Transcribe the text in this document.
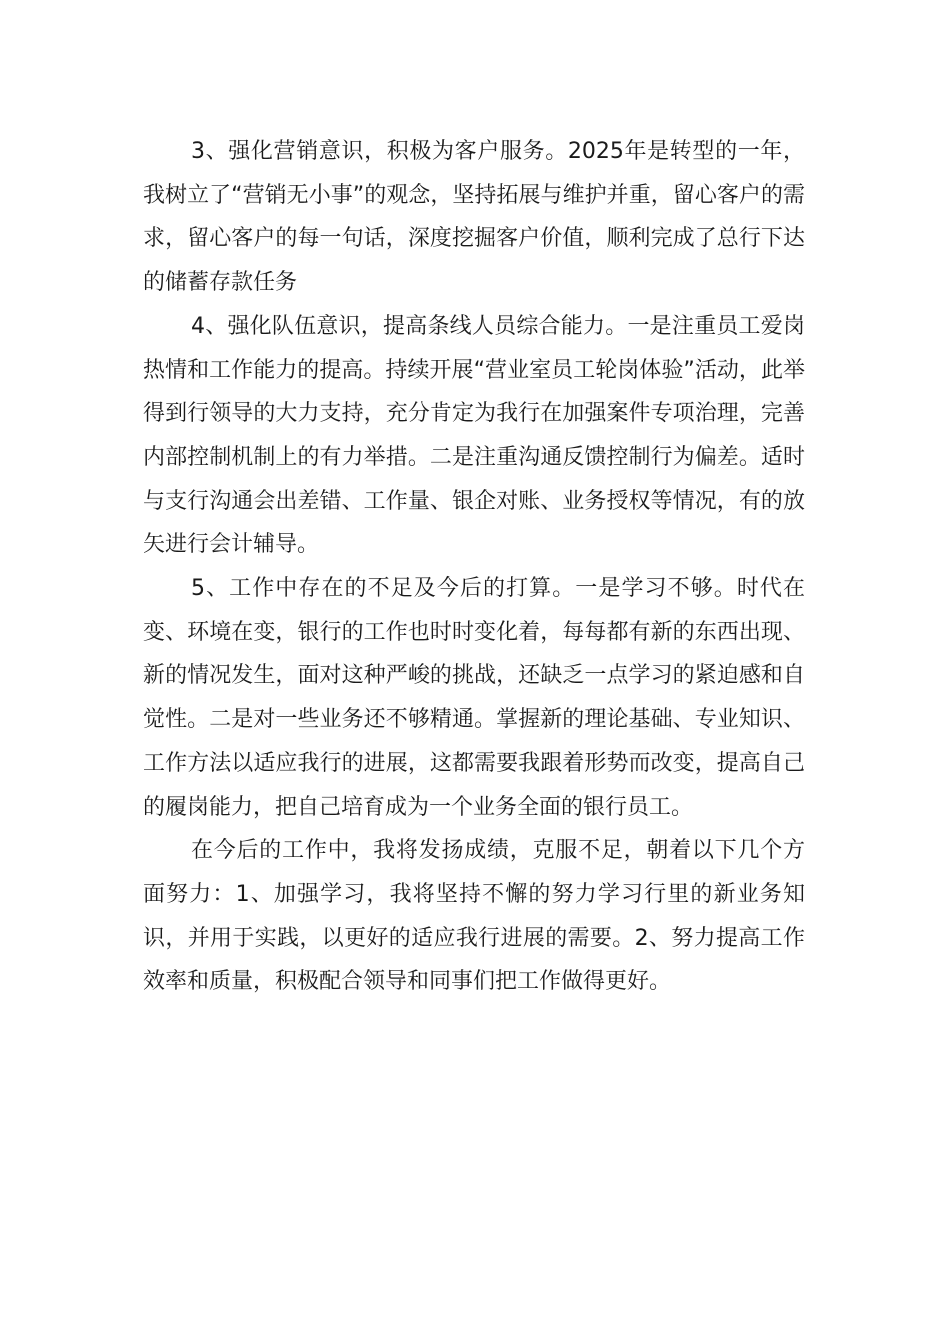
3、强化营销意识，积极为客户服务。2025年是转型的一年，我树立了“营销无小事”的观念，坚持拓展与维护并重，留心客户的需求，留心客户的每一句话，深度挖掘客户价值，顺利完成了总行下达的储蓄存款任务

4、强化队伍意识，提高条线人员综合能力。一是注重员工爱岗热情和工作能力的提高。持续开展“营业室员工轮岗体验”活动，此举得到行领导的大力支持，充分肯定为我行在加强案件专项治理，完善内部控制机制上的有力举措。二是注重沟通反馈控制行为偏差。适时与支行沟通会出差错、工作量、银企对账、业务授权等情况，有的放矢进行会计辅导。

5、工作中存在的不足及今后的打算。一是学习不够。时代在变、环境在变，银行的工作也时时变化着，每每都有新的东西出现、新的情况发生，面对这种严峻的挑战，还缺乏一点学习的紧迫感和自觉性。二是对一些业务还不够精通。掌握新的理论基础、专业知识、工作方法以适应我行的进展，这都需要我跟着形势而改变，提高自己的履岗能力，把自己培育成为一个业务全面的银行员工。

在今后的工作中，我将发扬成绩，克服不足，朝着以下几个方面努力：1、加强学习，我将坚持不懈的努力学习行里的新业务知识，并用于实践，以更好的适应我行进展的需要。2、努力提高工作效率和质量，积极配合领导和同事们把工作做得更好。
